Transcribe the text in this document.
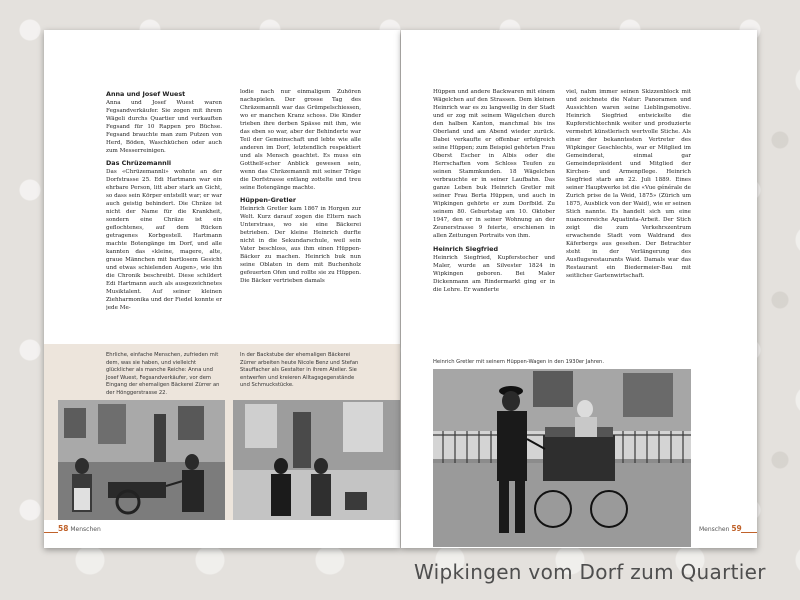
Anna und Josef Wuest

Anna und Josef Wuest waren Fegsandverkäufer. Sie zogen mit ihrem Wägeli durchs Quartier und verkauften Fegsand für 10 Rappen pro Büchse. Fegsand brauchte man zum Putzen von Herd, Böden, Waschküchen oder auch zum Messerreinigen.

Das Chrüzemannli

Das «Chrüzemannli» wohnte an der Dorfstrasse 25. Edi Hartmann war ein ehrbare Person, litt aber stark an Gicht, so dass sein Körper entstellt war; er war auch geistig behindert. Die Chräze ist nicht der Name für die Krankheit, sondern eine Chräze ist ein geflochtenes, auf dem Rücken getragenes Korbgestell. Hartmann machte Botengänge im Dorf, und alle kannten das «kleine, magere, alte, graue Männchen mit bartlosem Gesicht und etwas schielenden Augen», wie ihn die Chronik beschreibt. Diese schildert Edi Hartmann auch als ausgezeichnetes Musiktalent. Auf seiner kleinen Ziehharmonika und der Fiedel konnte er jede Me-

lodie nach nur einmaligem Zuhören nachspielen. Der grosse Tag des Chräzemannli war das Grümpelschiessen, wo er manchen Kranz schoss. Die Kinder trieben ihre derben Spässe mit ihm, wie das eben so war, aber der Behinderte war Teil der Gemeinschaft und lebte wie alle anderen im Dorf, letztendlich respektiert und als Mensch geachtet. Es muss ein Gotthelf-scher Anblick gewesen sein, wenn das Chräzemannli mit seiner Träge die Dorfstrasse entlang zottelte und treu seine Botengänge machte.

Hüppen-Gretler

Heinrich Gretler kam 1867 in Horgen zur Welt. Kurz darauf zogen die Eltern nach Unterstrass, wo sie eine Bäckerei betrieben. Der kleine Heinrich durfte nicht in die Sekundarschule, weil sein Vater beschloss, aus ihm einen Hüppen-Bäcker zu machen. Heinrich buk nun seine Oblaten in dem mit Buchenholz gefeuerten Ofen und rollte sie zu Hüppen. Die Bäcker vertrieben damals

Ehrliche, einfache Menschen, zufrieden mit dem, was sie haben, und vielleicht glücklicher als manche Reiche: Anna und Josef Wuest, Fegsandverkäufer, vor dem Eingang der ehemaligen Bäckerei Zürrer an der Hönggerstrasse 22.
In der Backstube der ehemaligen Bäckerei Zürrer arbeiten heute Nicole Benz und Stefan Stauffacher als Gestalter in ihrem Atelier. Sie entwerfen und kreieren Alltagsgegenstände und Schmuckstücke.
58 Menschen

Hüppen und andere Backwaren mit einem Wägelchen auf den Strassen. Dem kleinen Heinrich war es zu langweilig in der Stadt und er zog mit seinem Wägelchen durch den halben Kanton, manchmal bis ins Oberland und am Abend wieder zurück. Dabei verkaufte er offenbar erfolgreich seine Hüppen; zum Beispiel gehörten Frau Oberst Escher in Albis oder die Herrschaften vom Schloss Teufen zu seinen Stammkunden. 18 Wägelchen verbrauchte er in seiner Laufbahn. Das ganze Leben buk Heinrich Gretler mit seiner Frau Berta Hüppen, und auch in Wipkingen gehörte er zum Dorfbild. Zu seinem 80. Geburtstag am 10. Oktober 1947, den er in seiner Wohnung an der Zeunerstrasse 9 feierte, erschienen in allen Zeitungen Portraits von ihm.

Heinrich Siegfried

Heinrich Siegfried, Kupferstecher und Maler, wurde an Silvester 1824 in Wipkingen geboren. Bei Maler Dickenmann am Rindermarkt ging er in die Lehre. Er wanderte

viel, nahm immer seinen Skizzenblock mit und zeichnete die Natur: Panoramen und Aussichten waren seine Lieblingsmotive. Heinrich Siegfried entwickelte die Kupferstichtechnik weiter und produzierte vermehrt künstlerisch wertvolle Stiche. Als einer der bekanntesten Vertreter des Wipkinger Geschlechts, war er Mitglied im Gemeinderat, einmal gar Gemeindepräsident und Mitglied der Kirchen- und Armenpflege. Heinrich Siegfried starb am 22. Juli 1889. Eines seiner Hauptwerke ist die «Vue générale de Zurich prise de la Weid, 1875» (Zürich um 1875, Ausblick von der Waid), wie er seinen Stich nannte. Es handelt sich um eine nuancenreiche Aquatinta-Arbeit. Der Stich zeigt die zum Verkehrszentrum erwachende Stadt vom Waldrand des Käferbergs aus gesehen. Der Betrachter steht in der Verlängerung des Ausflugsrestaurants Waid. Damals war das Restaurant ein Biedermeier-Bau mit seitlicher Gartenwirtschaft.

Heinrich Gretler mit seinem Hüppen-Wagen in den 1930er Jahren.
Menschen 59
Wipkingen vom Dorf zum Quartier
